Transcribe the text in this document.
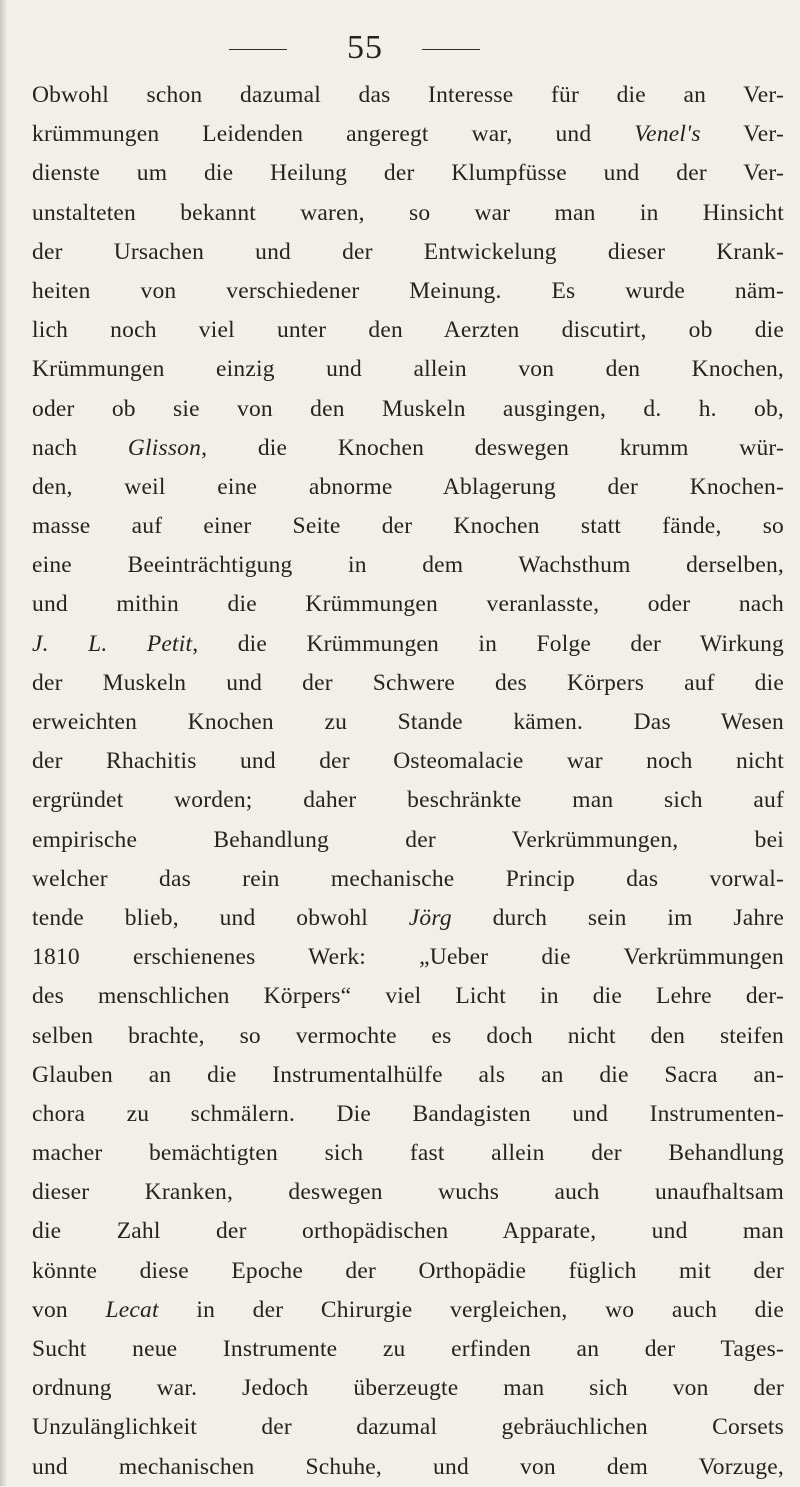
55
Obwohl schon dazumal das Interesse für die an Ver-
krümmungen Leidenden angeregt war, und Venel's Ver-
dienste um die Heilung der Klumpfüsse und der Ver-
unstalteten bekannt waren, so war man in Hinsicht
der Ursachen und der Entwickelung dieser Krank-
heiten von verschiedener Meinung. Es wurde näm-
lich noch viel unter den Aerzten discutirt, ob die
Krümmungen einzig und allein von den Knochen,
oder ob sie von den Muskeln ausgingen, d. h. ob,
nach Glisson, die Knochen deswegen krumm wür-
den, weil eine abnorme Ablagerung der Knochen-
masse auf einer Seite der Knochen statt fände, so
eine Beeinträchtigung in dem Wachsthum derselben,
und mithin die Krümmungen veranlasste, oder nach
J. L. Petit, die Krümmungen in Folge der Wirkung
der Muskeln und der Schwere des Körpers auf die
erweichten Knochen zu Stande kämen. Das Wesen
der Rhachitis und der Osteomalacie war noch nicht
ergründet worden; daher beschränkte man sich auf
empirische Behandlung der Verkrümmungen, bei
welcher das rein mechanische Princip das vorwal-
tende blieb, und obwohl Jörg durch sein im Jahre
1810 erschienenes Werk: „Ueber die Verkrümmungen
des menschlichen Körpers“ viel Licht in die Lehre der-
selben brachte, so vermochte es doch nicht den steifen
Glauben an die Instrumentalhülfe als an die Sacra an-
chora zu schmälern. Die Bandagisten und Instrumenten-
macher bemächtigten sich fast allein der Behandlung
dieser Kranken, deswegen wuchs auch unaufhaltsam
die Zahl der orthopädischen Apparate, und man
könnte diese Epoche der Orthopädie füglich mit der
von Lecat in der Chirurgie vergleichen, wo auch die
Sucht neue Instrumente zu erfinden an der Tages-
ordnung war. Jedoch überzeugte man sich von der
Unzulänglichkeit der dazumal gebräuchlichen Corsets
und mechanischen Schuhe, und von dem Vorzuge,
